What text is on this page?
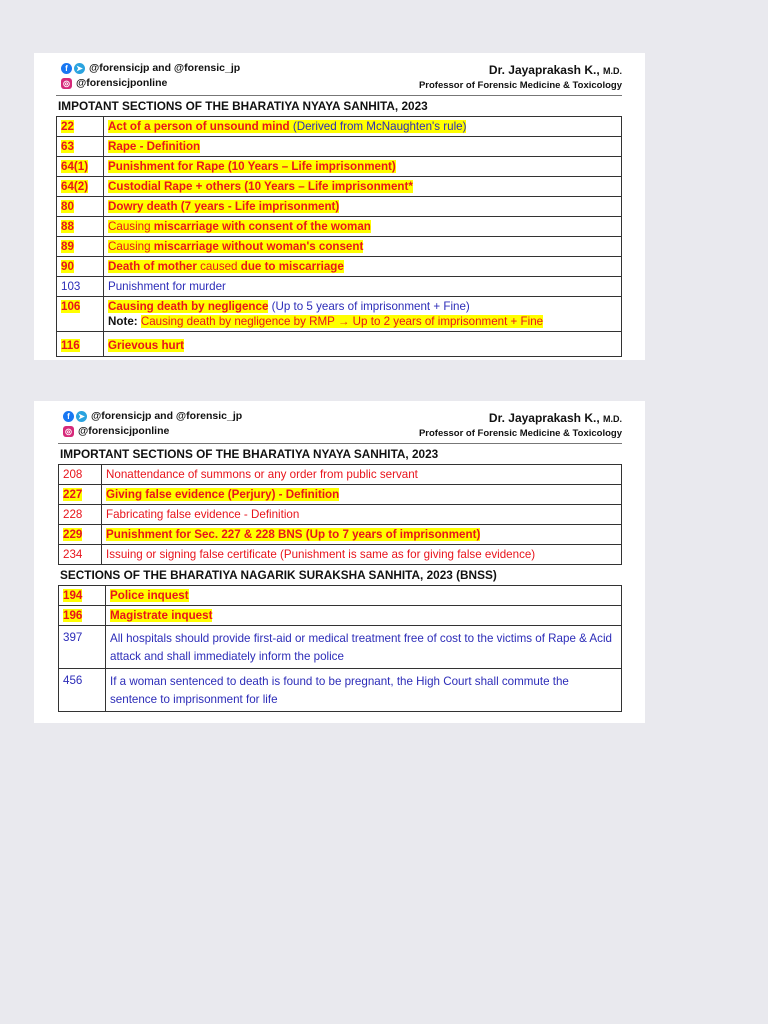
f	➤ @forensicjp and @forensic_jp
◎ @forensicjponline
Dr. Jayaprakash K., M.D.
Professor of Forensic Medicine & Toxicology
IMPOTANT SECTIONS OF THE BHARATIYA NYAYA SANHITA, 2023
22	Act of a person of unsound mind (Derived from McNaughten's rule)
63	Rape - Definition
64(1)	Punishment for Rape (10 Years – Life imprisonment)
64(2)	Custodial Rape + others (10 Years – Life imprisonment*
80	Dowry death (7 years - Life imprisonment)
88	Causing miscarriage with consent of the woman
89	Causing miscarriage without woman's consent
90	Death of mother caused due to miscarriage
103	Punishment for murder
106	Causing death by negligence (Up to 5 years of imprisonment + Fine)
Note: Causing death by negligence by RMP → Up to 2 years of imprisonment + Fine
116	Grievous hurt
f	➤ @forensicjp and @forensic_jp
◎ @forensicjponline
Dr. Jayaprakash K., M.D.
Professor of Forensic Medicine & Toxicology
IMPORTANT SECTIONS OF THE BHARATIYA NYAYA SANHITA, 2023
208	Nonattendance of summons or any order from public servant
227	Giving false evidence (Perjury) - Definition
228	Fabricating false evidence - Definition
229	Punishment for Sec. 227 & 228 BNS (Up to 7 years of imprisonment)
234	Issuing or signing false certificate (Punishment is same as for giving false evidence)
SECTIONS OF THE BHARATIYA NAGARIK SURAKSHA SANHITA, 2023 (BNSS)
194	Police inquest
196	Magistrate inquest
397	All hospitals should provide first-aid or medical treatment free of cost to the victims of Rape & Acid attack and shall immediately inform the police
456	If a woman sentenced to death is found to be pregnant, the High Court shall commute the sentence to imprisonment for life
